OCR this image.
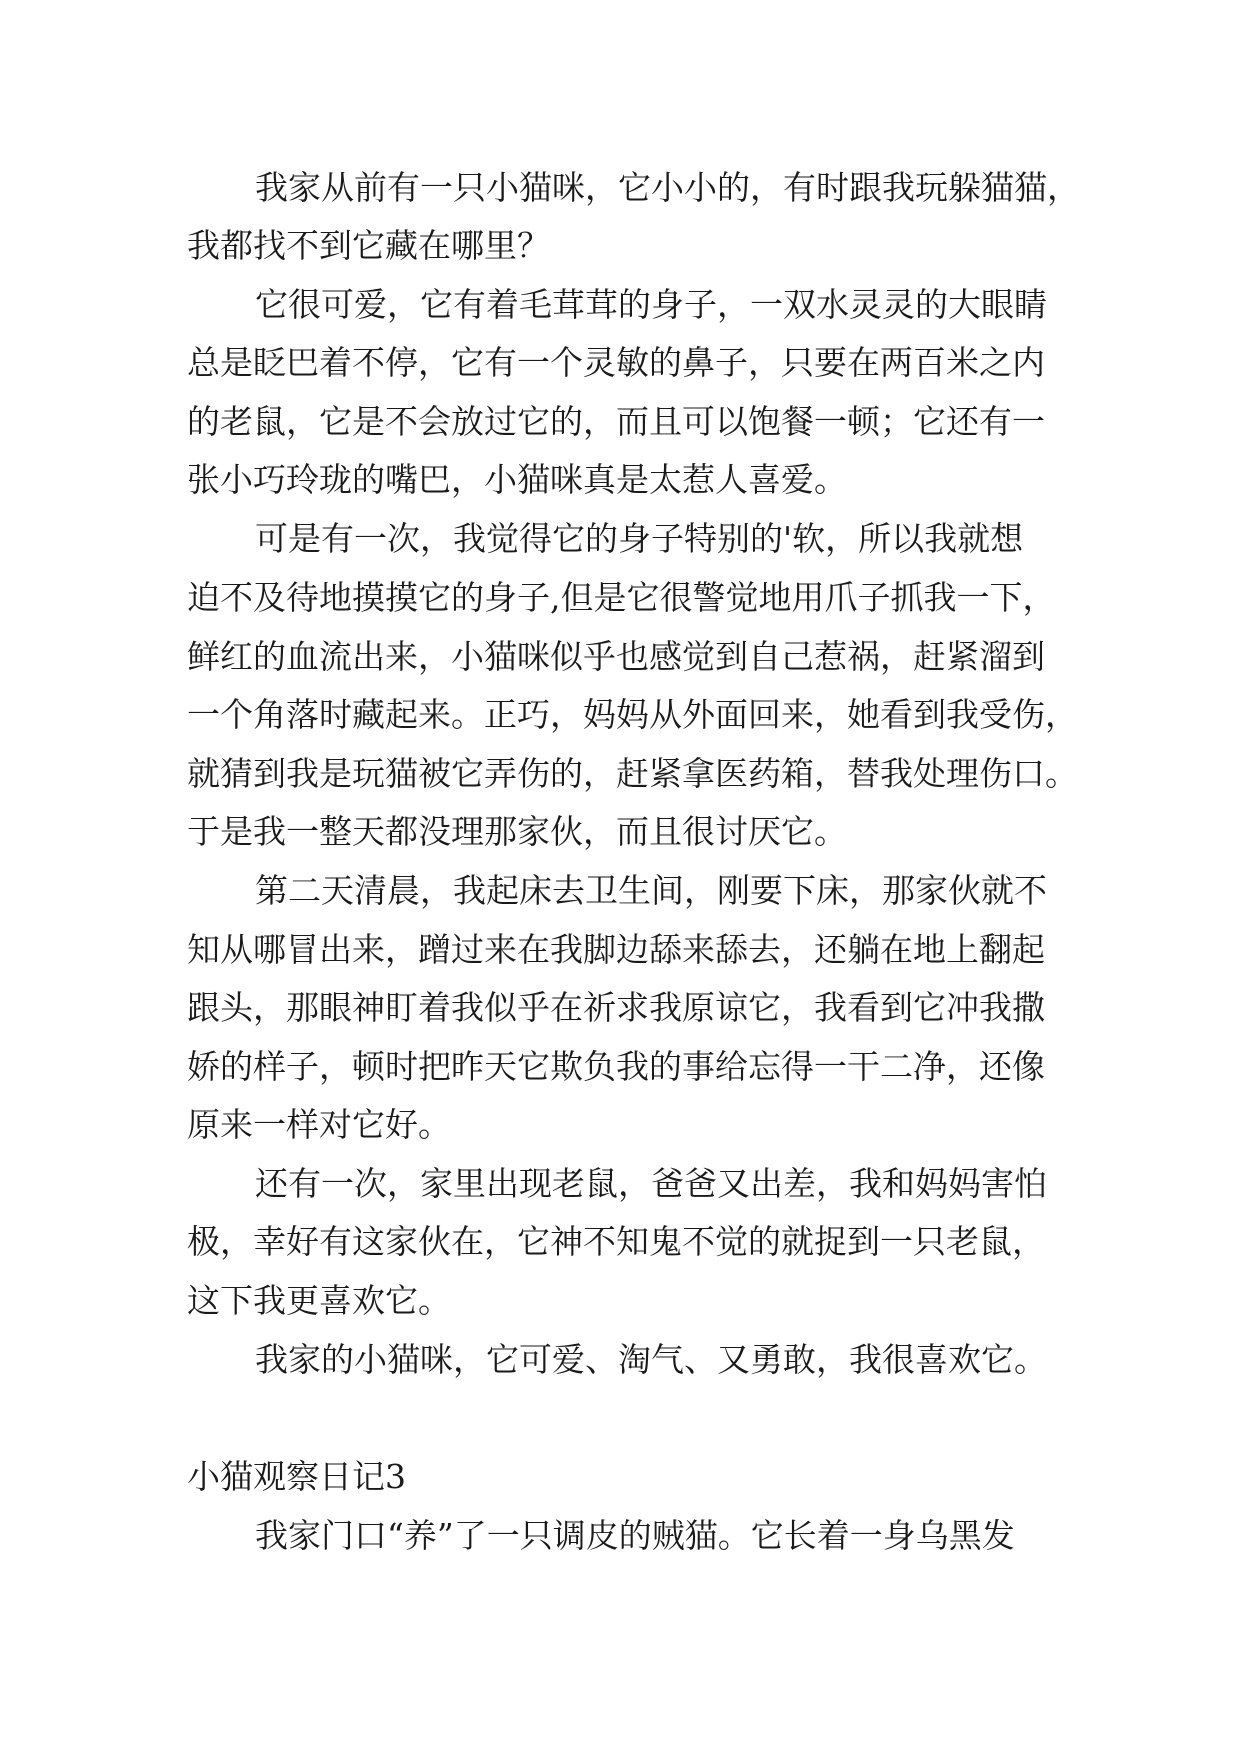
我家从前有一只小猫咪，它小小的，有时跟我玩躲猫猫，
我都找不到它藏在哪里？
它很可爱，它有着毛茸茸的身子，一双水灵灵的大眼睛
总是眨巴着不停，它有一个灵敏的鼻子，只要在两百米之内
的老鼠，它是不会放过它的，而且可以饱餐一顿；它还有一
张小巧玲珑的嘴巴，小猫咪真是太惹人喜爱。
可是有一次，我觉得它的身子特别的'软，所以我就想
迫不及待地摸摸它的身子,但是它很警觉地用爪子抓我一下，
鲜红的血流出来，小猫咪似乎也感觉到自己惹祸，赶紧溜到
一个角落时藏起来。正巧，妈妈从外面回来，她看到我受伤，
就猜到我是玩猫被它弄伤的，赶紧拿医药箱，替我处理伤口。
于是我一整天都没理那家伙，而且很讨厌它。
第二天清晨，我起床去卫生间，刚要下床，那家伙就不
知从哪冒出来，蹭过来在我脚边舔来舔去，还躺在地上翻起
跟头，那眼神盯着我似乎在祈求我原谅它，我看到它冲我撒
娇的样子，顿时把昨天它欺负我的事给忘得一干二净，还像
原来一样对它好。
还有一次，家里出现老鼠，爸爸又出差，我和妈妈害怕
极，幸好有这家伙在，它神不知鬼不觉的就捉到一只老鼠，
这下我更喜欢它。
我家的小猫咪，它可爱、淘气、又勇敢，我很喜欢它。
小猫观察日记3
我家门口“养”了一只调皮的贼猫。它长着一身乌黑发
